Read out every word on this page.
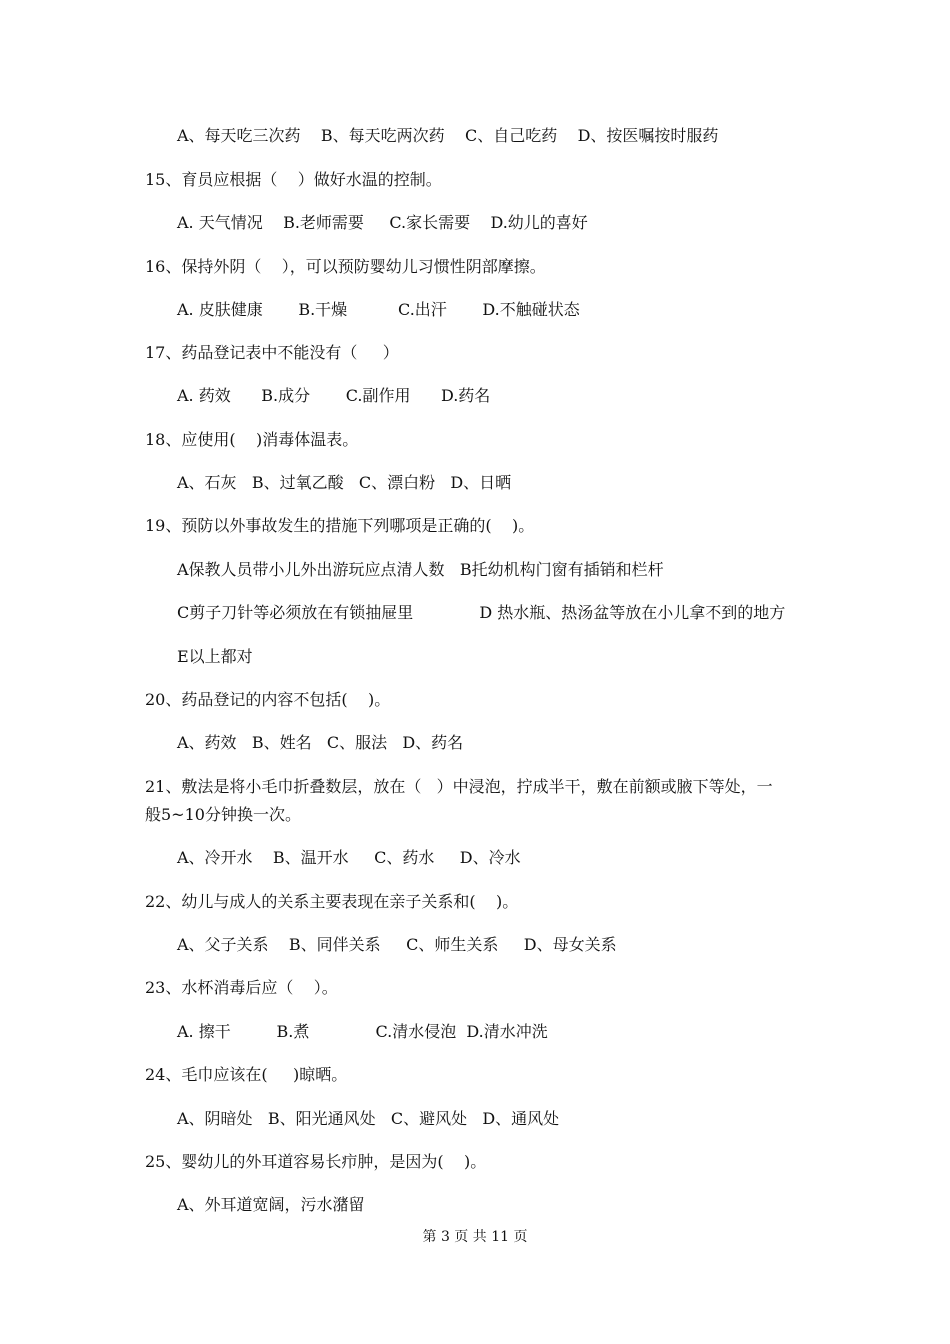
A、每天吃三次药    B、每天吃两次药    C、自己吃药    D、按医嘱按时服药
15、育员应根据（    ）做好水温的控制。
A. 天气情况    B.老师需要     C.家长需要    D.幼儿的喜好
16、保持外阴（    ），可以预防婴幼儿习惯性阴部摩擦。
A. 皮肤健康       B.干燥          C.出汗       D.不触碰状态
17、药品登记表中不能没有（     ）
A. 药效      B.成分       C.副作用      D.药名
18、应使用(    )消毒体温表。
A、石灰   B、过氧乙酸   C、漂白粉   D、日晒
19、预防以外事故发生的措施下列哪项是正确的(    )。
A保教人员带小儿外出游玩应点清人数   B托幼机构门窗有插销和栏杆
C剪子刀针等必须放在有锁抽屉里             D 热水瓶、热汤盆等放在小儿拿不到的地方
E以上都对
20、药品登记的内容不包括(    )。
A、药效   B、姓名   C、服法   D、药名
21、敷法是将小毛巾折叠数层，放在（   ）中浸泡，拧成半干，敷在前额或腋下等处，一
般5~10分钟换一次。
A、冷开水    B、温开水     C、药水     D、冷水
22、幼儿与成人的关系主要表现在亲子关系和(    )。
A、父子关系    B、同伴关系     C、师生关系     D、母女关系
23、水杯消毒后应（    ）。
A. 擦干         B.煮             C.清水侵泡  D.清水冲洗
24、毛巾应该在(     )晾晒。
A、阴暗处   B、阳光通风处   C、避风处   D、通风处
25、婴幼儿的外耳道容易长疖肿，是因为(    )。
A、外耳道宽阔，污水潴留
第 3 页 共 11 页
